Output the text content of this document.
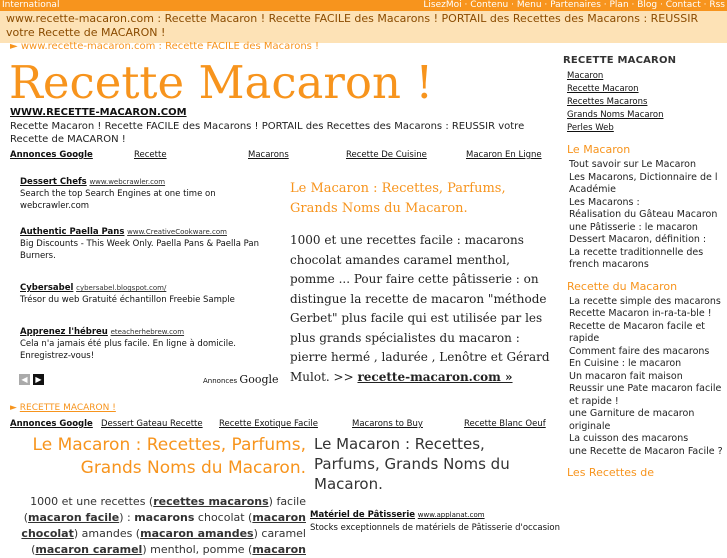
International	LisezMoi · Contenu · Menu · Partenaires · Plan · Blog · Contact · Rss
www.recette-macaron.com : Recette Macaron ! Recette FACILE des Macarons ! PORTAIL des Recettes des Macarons : REUSSIR votre Recette de MACARON !
► www.recette-macaron.com : Recette FACILE des Macarons !
Recette Macaron !
WWW.RECETTE-MACARON.COM
Recette Macaron ! Recette FACILE des Macarons ! PORTAIL des Recettes des Macarons : REUSSIR votre Recette de MACARON !
Annonces Google	Recette	Macarons	Recette De Cuisine	Macaron En Ligne
Dessert Chefs www.webcrawler.com
Search the top Search Engines at one time on webcrawler.com
Authentic Paella Pans www.CreativeCookware.com
Big Discounts - This Week Only. Paella Pans & Paella Pan Burners.
Cybersabel cybersabel.blogspot.com/
Trésor du web Gratuité échantillon Freebie Sample
Apprenez l'hébreu eteacherhebrew.com
Cela n'a jamais été plus facile. En ligne à domicile. Enregistrez-vous!
◀ ▶	Annonces Google
Le Macaron : Recettes, Parfums, Grands Noms du Macaron.
1000 et une recettes facile : macarons chocolat amandes caramel menthol, pomme ... Pour faire cette pâtisserie : on distingue la recette de macaron "méthode Gerbet" plus facile qui est utilisée par les plus grands spécialistes du macaron : pierre hermé , ladurée , Lenôtre et Gérard Mulot. >> recette-macaron.com »
► RECETTE MACARON !
Annonces Google Dessert Gateau Recette Recette Exotique Facile	Macarons to Buy	Recette Blanc Oeuf
Le Macaron : Recettes, Parfums, Grands Noms du Macaron.
Le Macaron : Recettes, Parfums, Grands Noms du Macaron.
1000 et une recettes (recettes macarons) facile
(macaron facile) : macarons chocolat (macaron
chocolat) amandes (macaron amandes) caramel
(macaron caramel) menthol, pomme (macaron
Matériel de Pâtisserie www.applanat.com
Stocks exceptionnels de matériels de Pâtisserie d'occasion
RECETTE MACARON
Macaron
Recette Macaron
Recettes Macarons
Grands Noms Macaron
Perles Web
Le Macaron
Tout savoir sur Le Macaron
Les Macarons, Dictionnaire de l Académie
Les Macarons :
Réalisation du Gâteau Macaron
une Pâtisserie : le macaron
Dessert Macaron, définition :
La recette traditionnelle des french macarons
Recette du Macaron
La recette simple des macarons
Recette Macaron in-ra-ta-ble !
Recette de Macaron facile et rapide
Comment faire des macarons
En Cuisine : le macaron
Un macaron fait maison
Reussir une Pate macaron facile et rapide !
une Garniture de macaron originale
La cuisson des macarons
une Recette de Macaron Facile ?
Les Recettes de
